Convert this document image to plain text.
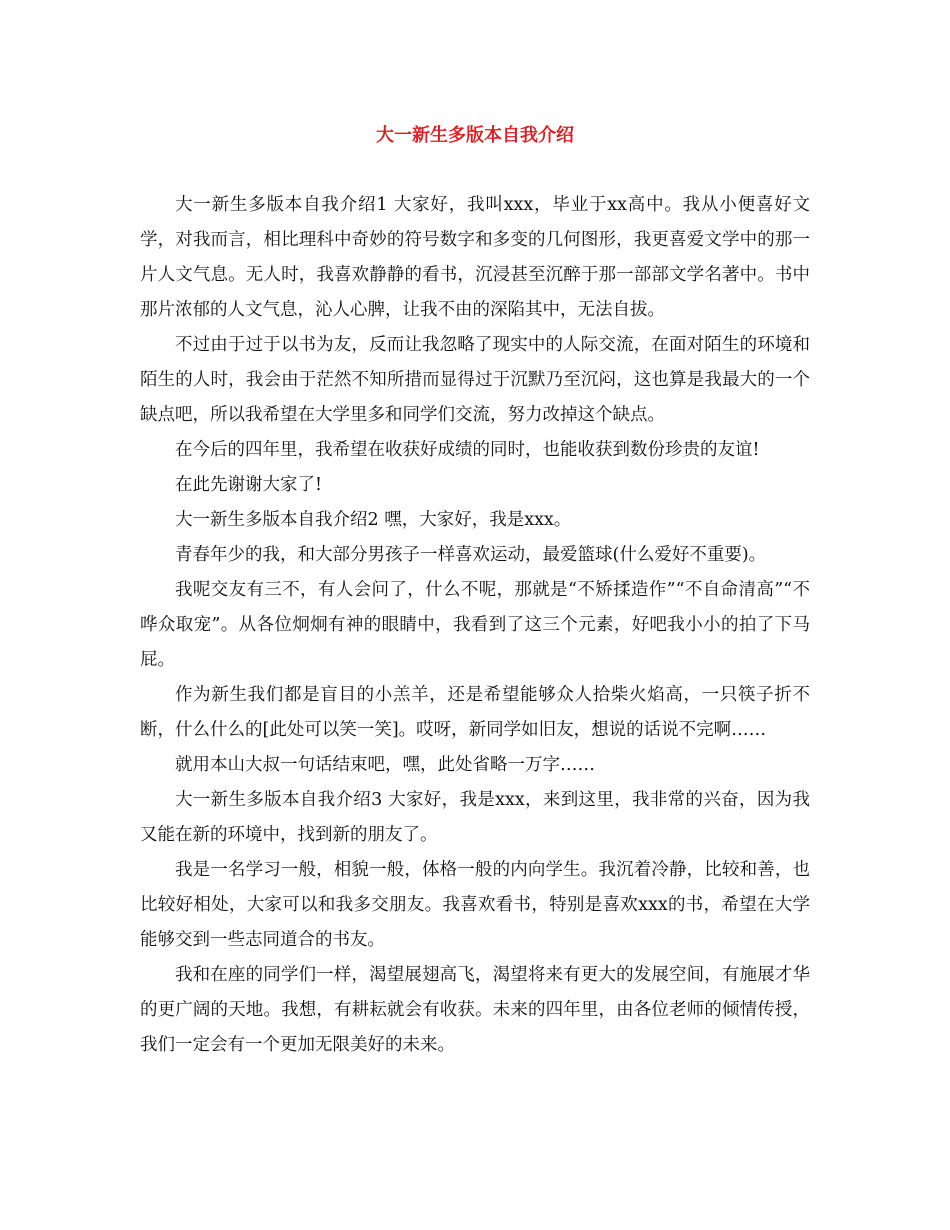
大一新生多版本自我介绍

大一新生多版本自我介绍1 大家好，我叫xxx，毕业于xx高中。我从小便喜好文学，对我而言，相比理科中奇妙的符号数字和多变的几何图形，我更喜爱文学中的那一片人文气息。无人时，我喜欢静静的看书，沉浸甚至沉醉于那一部部文学名著中。书中那片浓郁的人文气息，沁人心脾，让我不由的深陷其中，无法自拔。

不过由于过于以书为友，反而让我忽略了现实中的人际交流，在面对陌生的环境和陌生的人时，我会由于茫然不知所措而显得过于沉默乃至沉闷，这也算是我最大的一个缺点吧，所以我希望在大学里多和同学们交流，努力改掉这个缺点。

在今后的四年里，我希望在收获好成绩的同时，也能收获到数份珍贵的友谊!

在此先谢谢大家了!

大一新生多版本自我介绍2 嘿，大家好，我是xxx。

青春年少的我，和大部分男孩子一样喜欢运动，最爱篮球(什么爱好不重要)。

我呢交友有三不，有人会问了，什么不呢，那就是“不矫揉造作”“不自命清高”“不哗众取宠”。从各位炯炯有神的眼睛中，我看到了这三个元素，好吧我小小的拍了下马屁。

作为新生我们都是盲目的小羔羊，还是希望能够众人拾柴火焰高，一只筷子折不断，什么什么的[此处可以笑一笑]。哎呀，新同学如旧友，想说的话说不完啊……

就用本山大叔一句话结束吧，嘿，此处省略一万字……

大一新生多版本自我介绍3 大家好，我是xxx，来到这里，我非常的兴奋，因为我又能在新的环境中，找到新的朋友了。

我是一名学习一般，相貌一般，体格一般的内向学生。我沉着冷静，比较和善，也比较好相处，大家可以和我多交朋友。我喜欢看书，特别是喜欢xxx的书，希望在大学能够交到一些志同道合的书友。

我和在座的同学们一样，渴望展翅高飞，渴望将来有更大的发展空间，有施展才华的更广阔的天地。我想，有耕耘就会有收获。未来的四年里，由各位老师的倾情传授，我们一定会有一个更加无限美好的未来。
